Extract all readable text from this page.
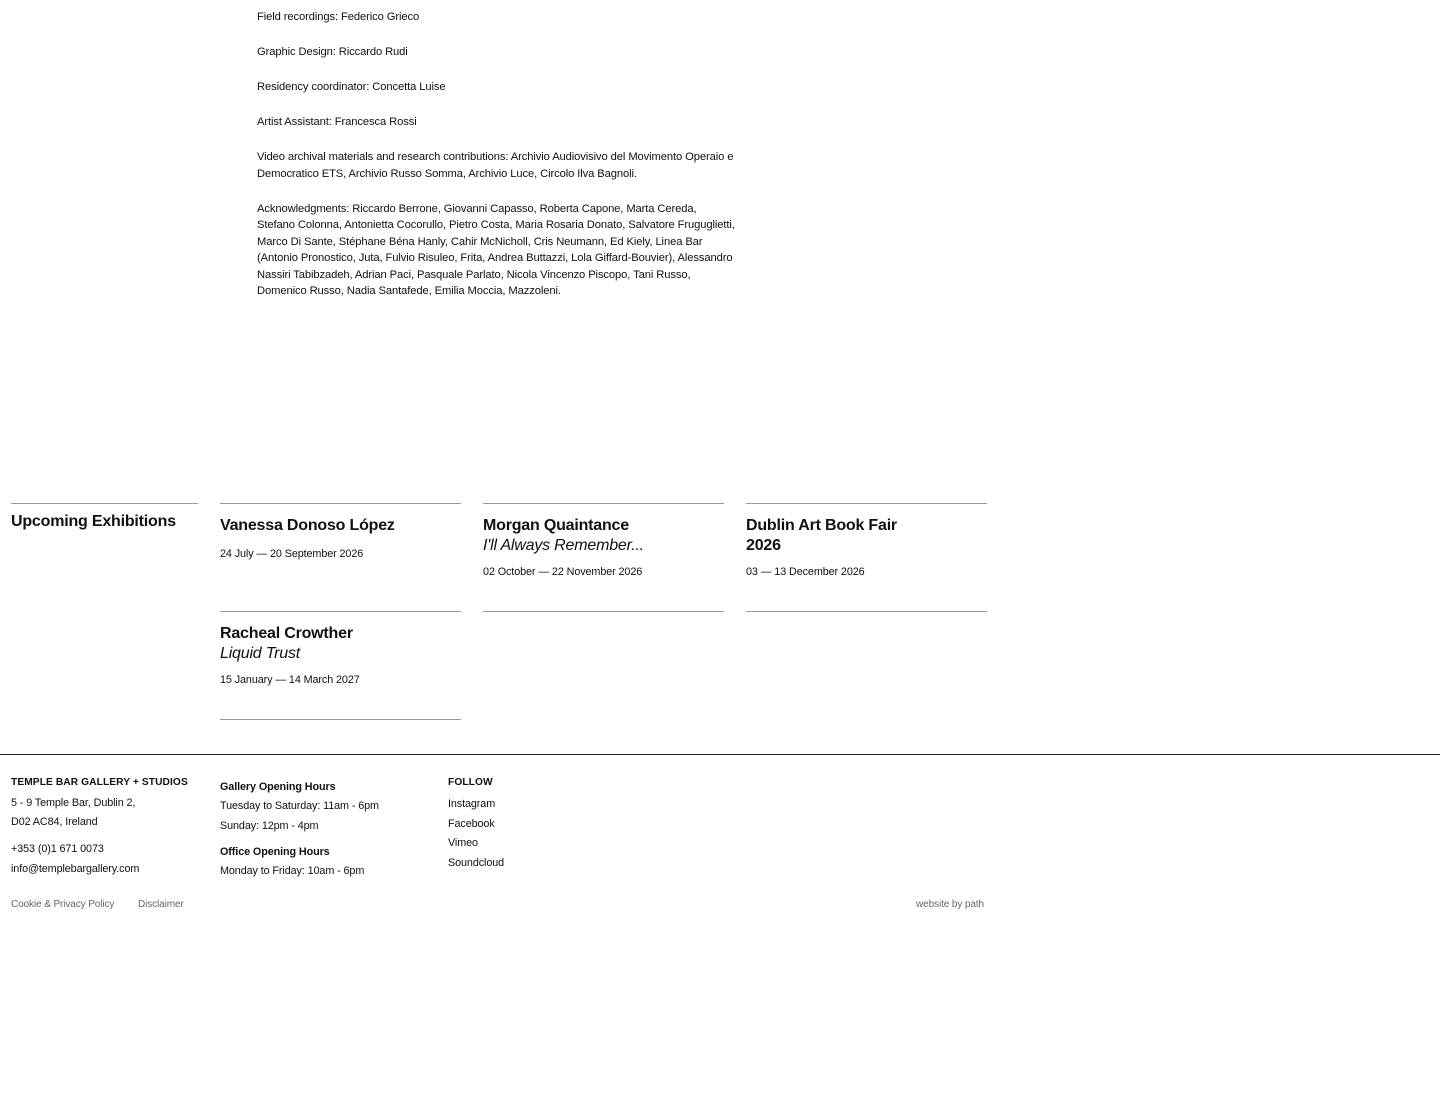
Field recordings: Federico Grieco

Graphic Design: Riccardo Rudi

Residency coordinator: Concetta Luise

Artist Assistant: Francesca Rossi

Video archival materials and research contributions: Archivio Audiovisivo del Movimento Operaio e Democratico ETS, Archivio Russo Somma, Archivio Luce, Circolo Ilva Bagnoli.

Acknowledgments: Riccardo Berrone, Giovanni Capasso, Roberta Capone, Marta Cereda, Stefano Colonna, Antonietta Cocorullo, Pietro Costa, Maria Rosaria Donato, Salvatore Fruguglietti, Marco Di Sante, Stéphane Béna Hanly, Cahir McNicholl, Cris Neumann, Ed Kiely, Linea Bar (Antonio Pronostico, Juta, Fulvio Risuleo, Frita, Andrea Buttazzi, Lola Giffard-Bouvier), Alessandro Nassiri Tabibzadeh, Adrian Paci, Pasquale Parlato, Nicola Vincenzo Piscopo, Tani Russo, Domenico Russo, Nadia Santafede, Emilia Moccia, Mazzoleni.

Upcoming Exhibitions	Vanessa Donoso López

24 July — 20 September 2026

Morgan Quaintance

I'll Always Remember...

02 October — 22 November 2026

Dublin Art Book Fair 2026

03 — 13 December 2026

Racheal Crowther

Liquid Trust

15 January — 14 March 2027

TEMPLE BAR GALLERY + STUDIOS

5 - 9 Temple Bar, Dublin 2,

D02 AC84, Ireland

+353 (0)1 671 0073

info@templebargallery.com

Gallery Opening Hours

Tuesday to Saturday: 11am - 6pm

Sunday: 12pm - 4pm

Office Opening Hours

Monday to Friday: 10am - 6pm

FOLLOW

Instagram
Facebook
Vimeo
Soundcloud
Cookie & Privacy Policy Disclaimer	website by path
